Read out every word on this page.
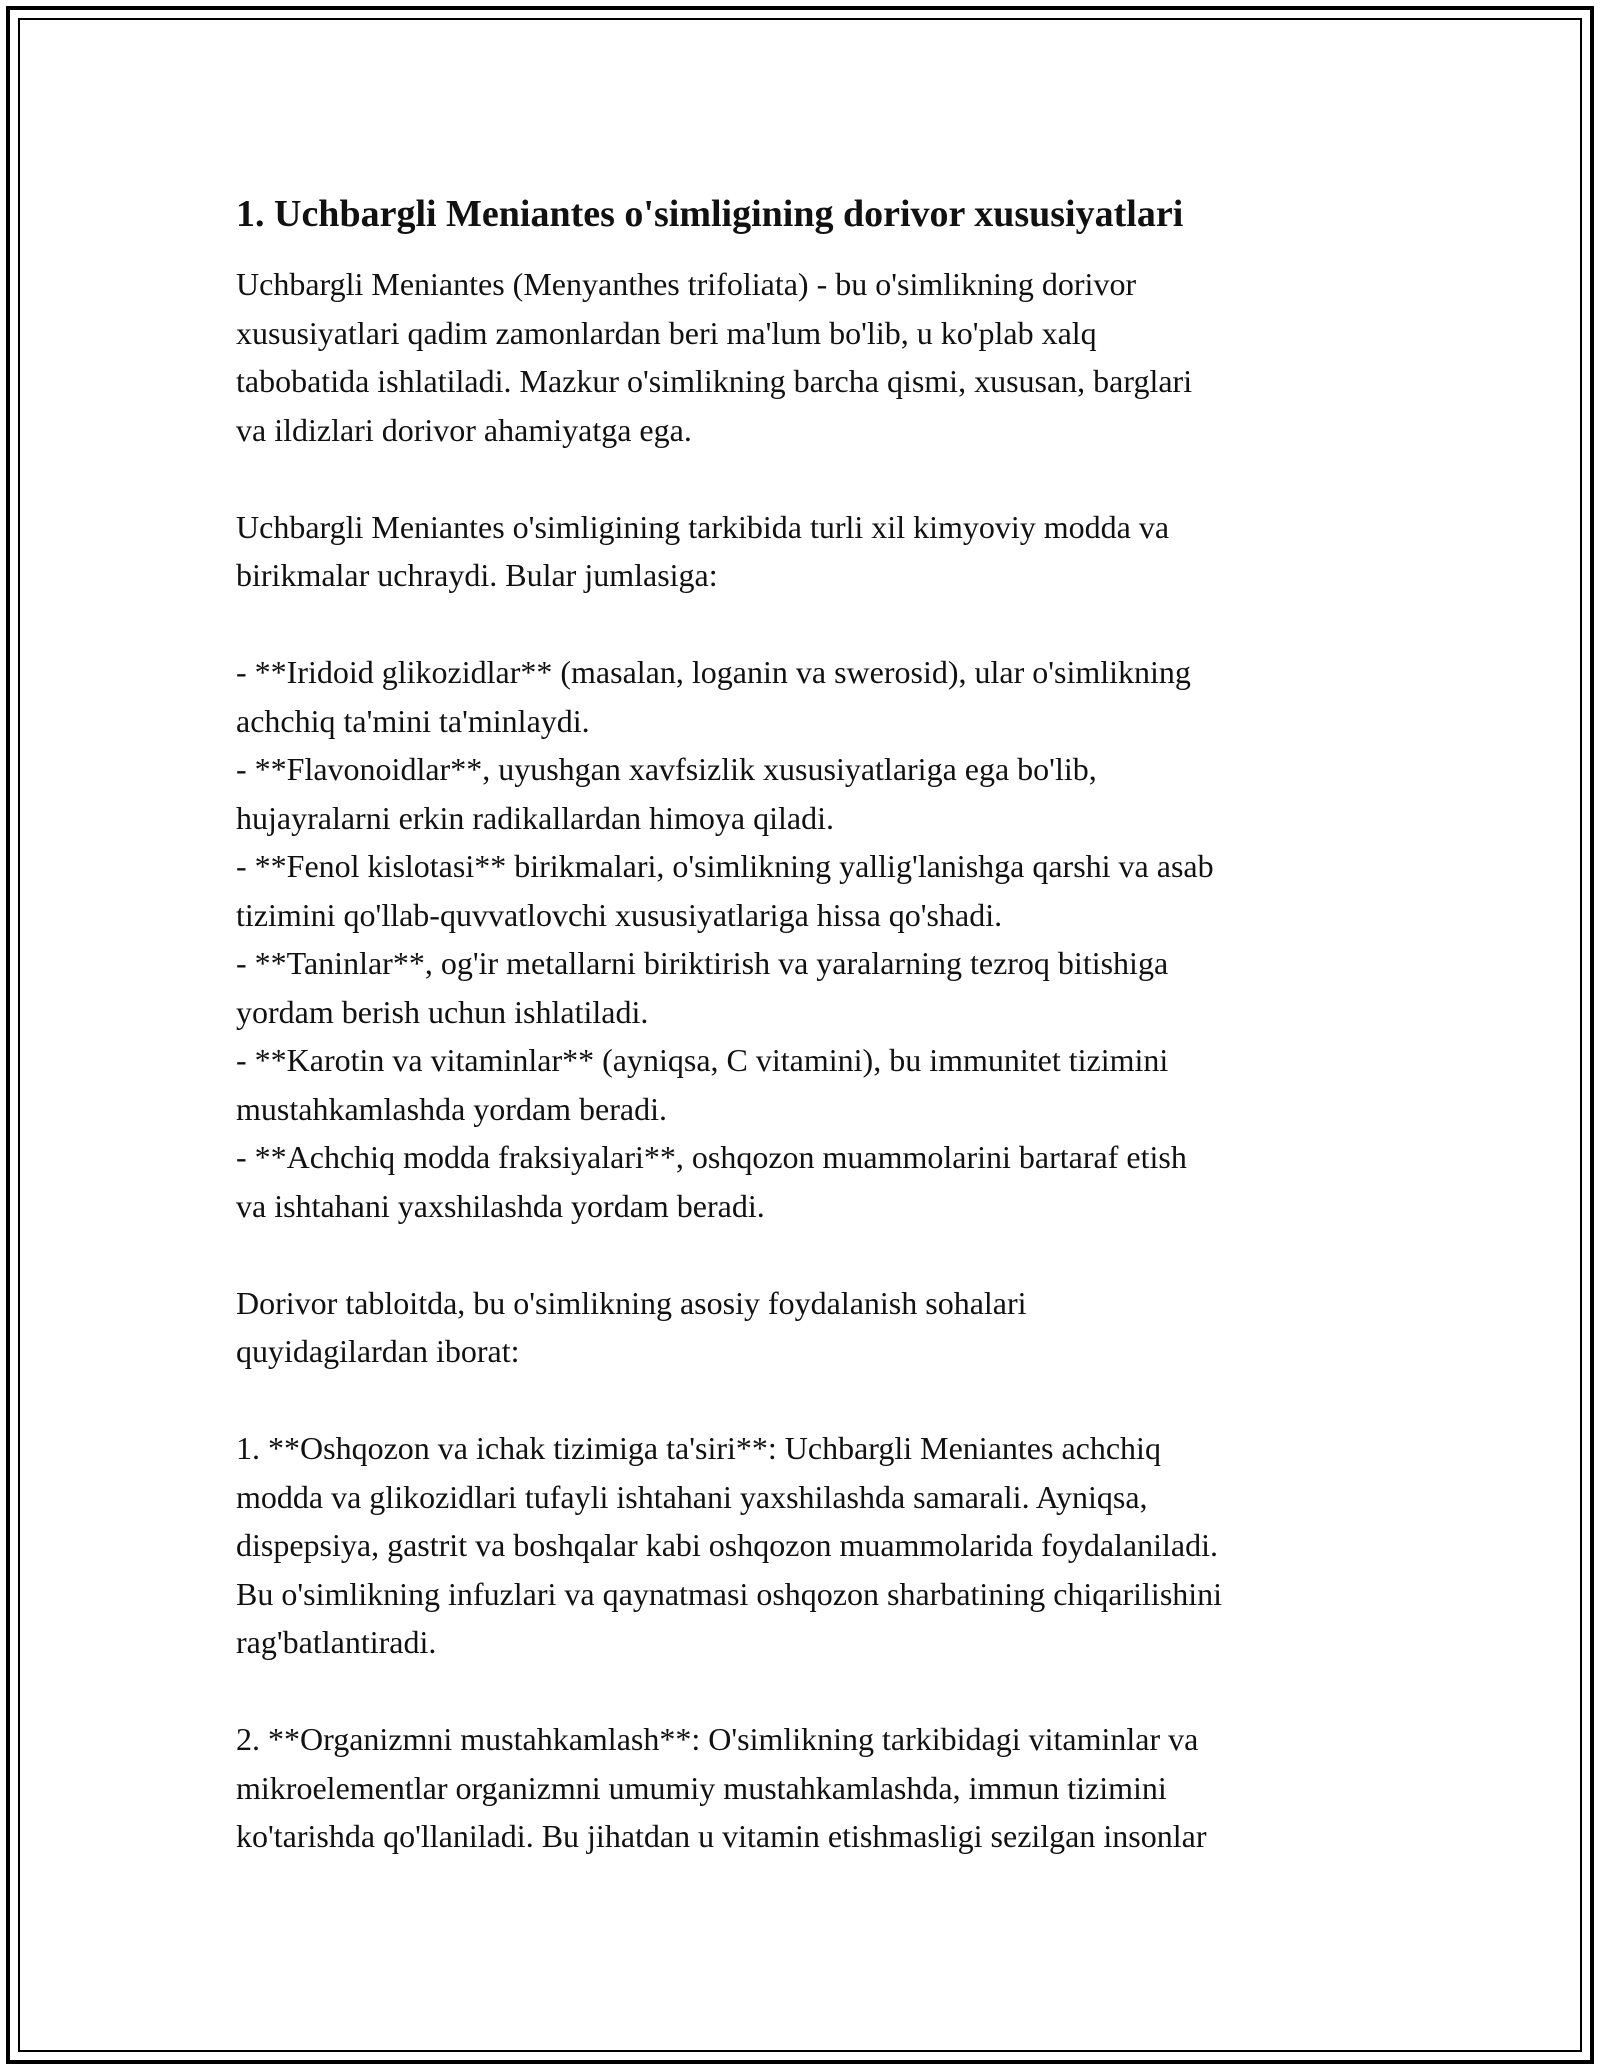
1. Uchbargli Meniantes o'simligining dorivor xususiyatlari

Uchbargli Meniantes (Menyanthes trifoliata) - bu o'simlikning dorivor
xususiyatlari qadim zamonlardan beri ma'lum bo'lib, u ko'plab xalq
tabobatida ishlatiladi. Mazkur o'simlikning barcha qismi, xususan, barglari
va ildizlari dorivor ahamiyatga ega.

Uchbargli Meniantes o'simligining tarkibida turli xil kimyoviy modda va
birikmalar uchraydi. Bular jumlasiga:

- **Iridoid glikozidlar** (masalan, loganin va swerosid), ular o'simlikning
achchiq ta'mini ta'minlaydi.
- **Flavonoidlar**, uyushgan xavfsizlik xususiyatlariga ega bo'lib,
hujayralarni erkin radikallardan himoya qiladi.
- **Fenol kislotasi** birikmalari, o'simlikning yallig'lanishga qarshi va asab
tizimini qo'llab-quvvatlovchi xususiyatlariga hissa qo'shadi.
- **Taninlar**, og'ir metallarni biriktirish va yaralarning tezroq bitishiga
yordam berish uchun ishlatiladi.
- **Karotin va vitaminlar** (ayniqsa, C vitamini), bu immunitet tizimini
mustahkamlashda yordam beradi.
- **Achchiq modda fraksiyalari**, oshqozon muammolarini bartaraf etish
va ishtahani yaxshilashda yordam beradi.

Dorivor tabloitda, bu o'simlikning asosiy foydalanish sohalari
quyidagilardan iborat:

1. **Oshqozon va ichak tizimiga ta'siri**: Uchbargli Meniantes achchiq
modda va glikozidlari tufayli ishtahani yaxshilashda samarali. Ayniqsa,
dispepsiya, gastrit va boshqalar kabi oshqozon muammolarida foydalaniladi.
Bu o'simlikning infuzlari va qaynatmasi oshqozon sharbatining chiqarilishini
rag'batlantiradi.

2. **Organizmni mustahkamlash**: O'simlikning tarkibidagi vitaminlar va
mikroelementlar organizmni umumiy mustahkamlashda, immun tizimini
ko'tarishda qo'llaniladi. Bu jihatdan u vitamin etishmasligi sezilgan insonlar
